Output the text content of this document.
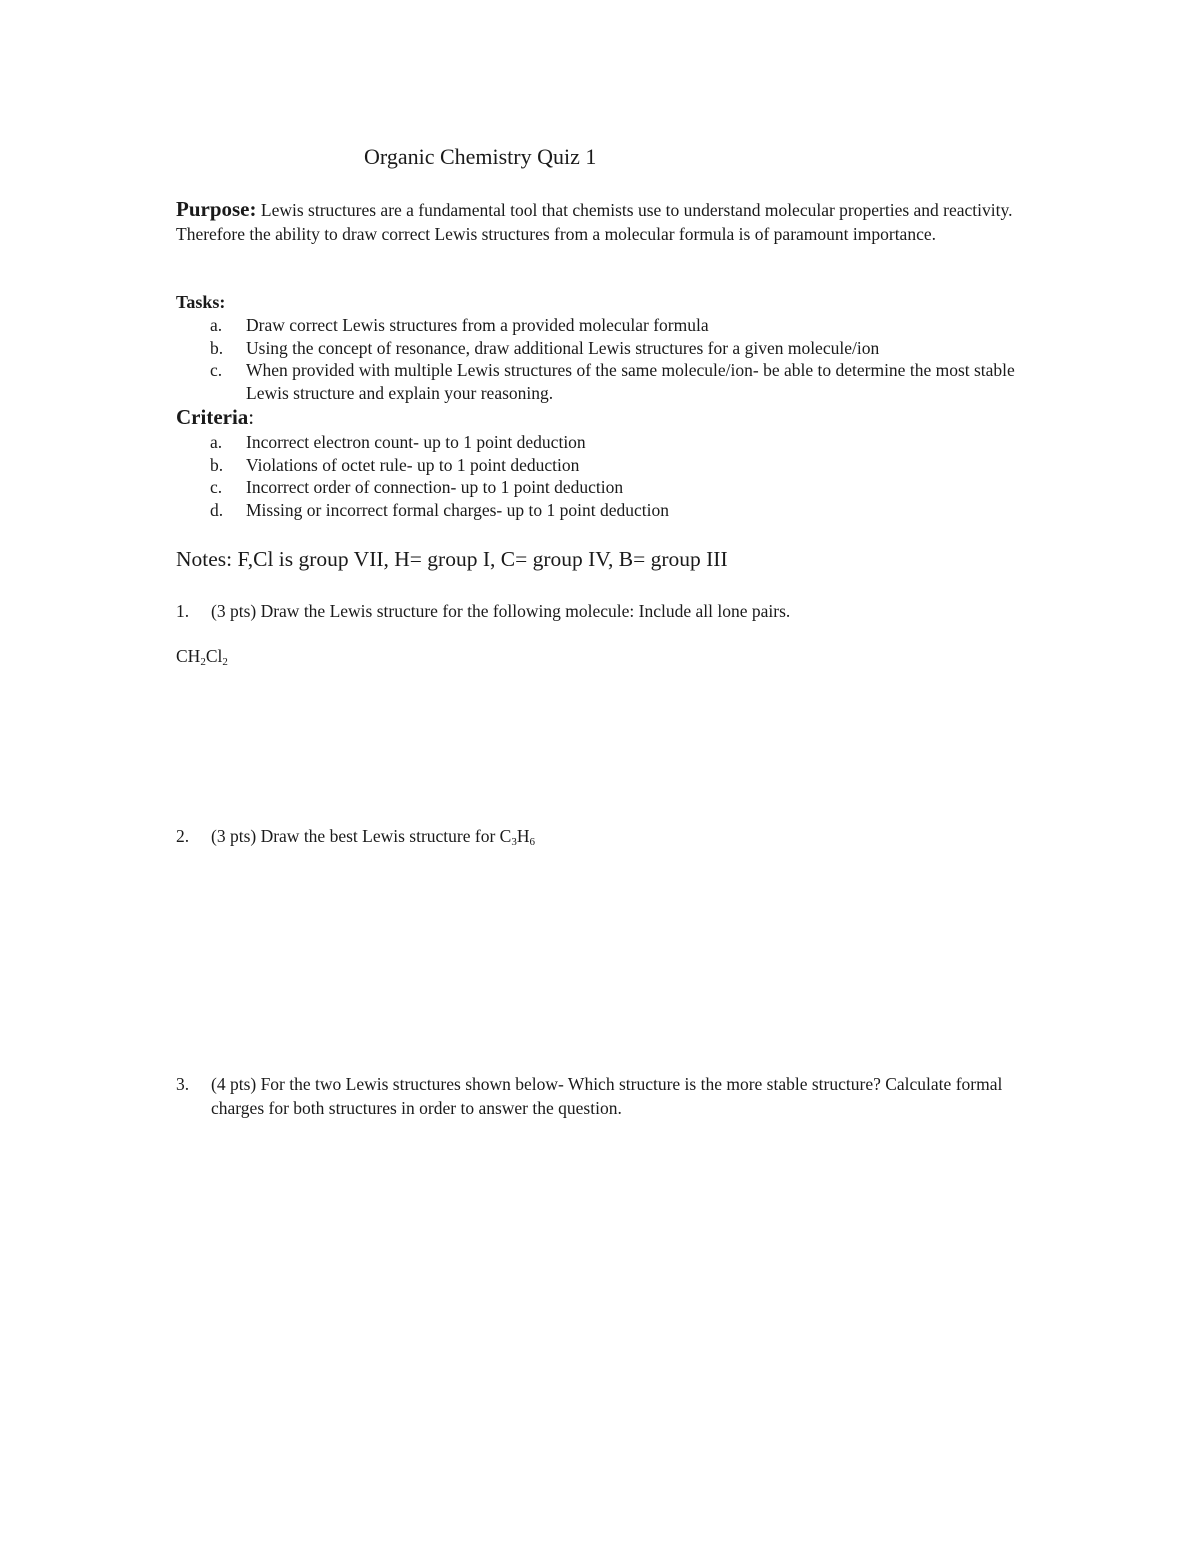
Organic Chemistry Quiz 1

Purpose: Lewis structures are a fundamental tool that chemists use to understand molecular properties and reactivity. Therefore the ability to draw correct Lewis structures from a molecular formula is of paramount importance.

Tasks:
a. Draw correct Lewis structures from a provided molecular formula
b. Using the concept of resonance, draw additional Lewis structures for a given molecule/ion
c. When provided with multiple Lewis structures of the same molecule/ion- be able to determine the most stable Lewis structure and explain your reasoning.
Criteria:
a. Incorrect electron count- up to 1 point deduction
b. Violations of octet rule- up to 1 point deduction
c. Incorrect order of connection- up to 1 point deduction
d. Missing or incorrect formal charges- up to 1 point deduction

Notes: F,Cl is group VII, H= group I, C= group IV, B= group III

1.	(3 pts) Draw the Lewis structure for the following molecule: Include all lone pairs.

$CH_2Cl_2$

2.	(3 pts) Draw the best Lewis structure for $C_3H_6$
3.	(4 pts) For the two Lewis structures shown below- Which structure is the more stable structure? Calculate formal charges for both structures in order to answer the question.
